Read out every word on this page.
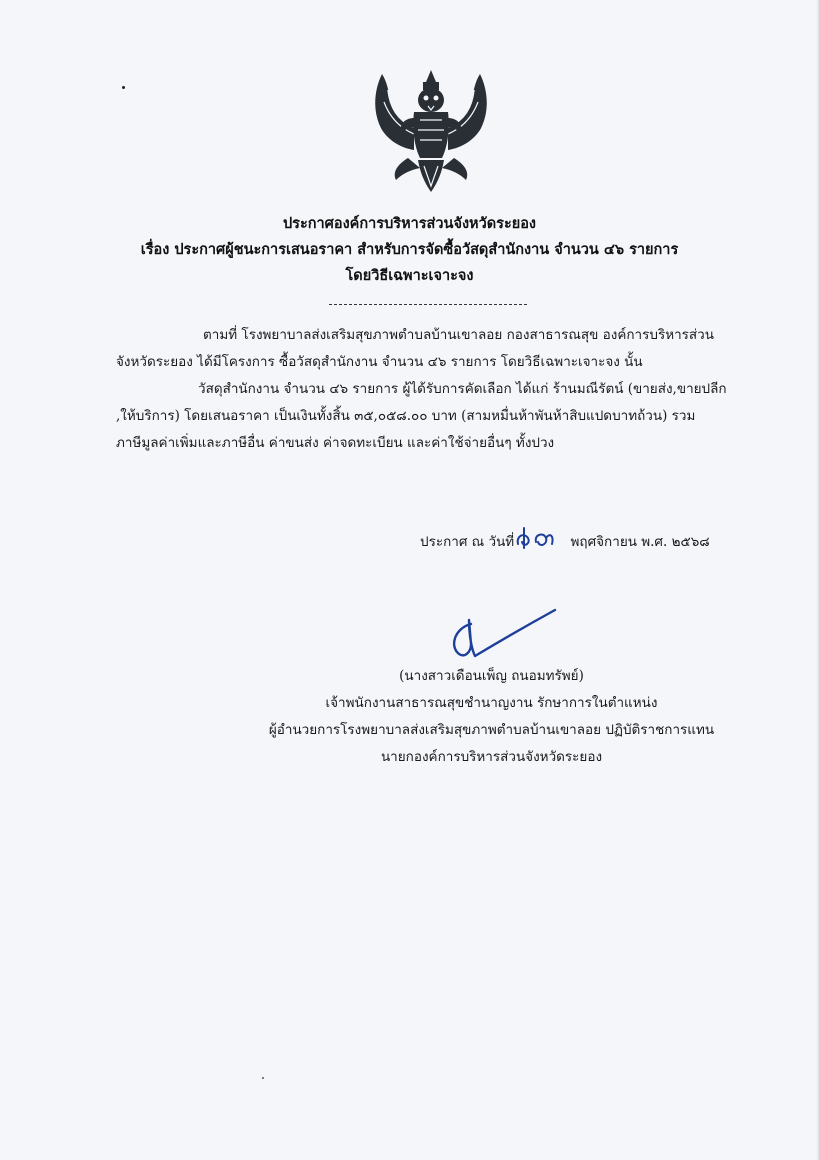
ประกาศองค์การบริหารส่วนจังหวัดระยอง
เรื่อง ประกาศผู้ชนะการเสนอราคา สำหรับการจัดซื้อวัสดุสำนักงาน จำนวน ๔๖ รายการ
โดยวิธีเฉพาะเจาะจง
ตามที่ โรงพยาบาลส่งเสริมสุขภาพตำบลบ้านเขาลอย กองสาธารณสุข องค์การบริหารส่วน
จังหวัดระยอง ได้มีโครงการ ซื้อวัสดุสำนักงาน จำนวน ๔๖ รายการ โดยวิธีเฉพาะเจาะจง นั้น
วัสดุสำนักงาน จำนวน ๔๖ รายการ ผู้ได้รับการคัดเลือก ได้แก่ ร้านมณีรัตน์ (ขายส่ง,ขายปลีก
,ให้บริการ) โดยเสนอราคา เป็นเงินทั้งสิ้น ๓๕,๐๕๘.๐๐ บาท (สามหมื่นห้าพันห้าสิบแปดบาทถ้วน) รวม
ภาษีมูลค่าเพิ่มและภาษีอื่น ค่าขนส่ง ค่าจดทะเบียน และค่าใช้จ่ายอื่นๆ ทั้งปวง
ประกาศ ณ วันที่	พฤศจิกายน พ.ศ. ๒๕๖๘
(นางสาวเดือนเพ็ญ ถนอมทรัพย์)
เจ้าพนักงานสาธารณสุขชำนาญงาน รักษาการในตำแหน่ง
ผู้อำนวยการโรงพยาบาลส่งเสริมสุขภาพตำบลบ้านเขาลอย ปฏิบัติราชการแทน
นายกองค์การบริหารส่วนจังหวัดระยอง
